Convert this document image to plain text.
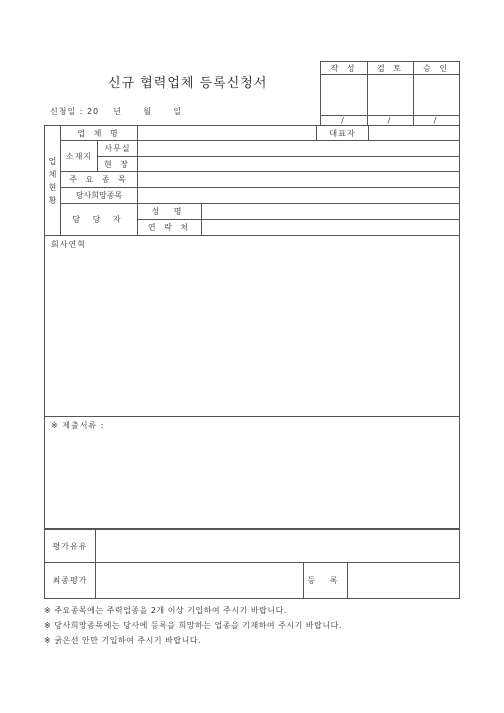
신규 협력업체 등록신청서
신청일 : 20    년      월      일
작 성	검 토	승 인
/	/	/
업
체
현
황
업 체 명	대표자
소재지
사무실
현 장
주 요 종 목
당사희망종목
담 당 자
성 명
연 락 처
회사연혁
※ 제출서류 :
평가유유
최종평가	등 록
※ 주요종목에는 주력업종을 2개 이상 기입하여 주시기 바랍니다.
※ 당사희망종목에는 당사에 등록을 희망하는 업종을 기재하여 주시기 바랍니다.
※ 굵은선 안만 기입하여 주시기 바랍니다.
